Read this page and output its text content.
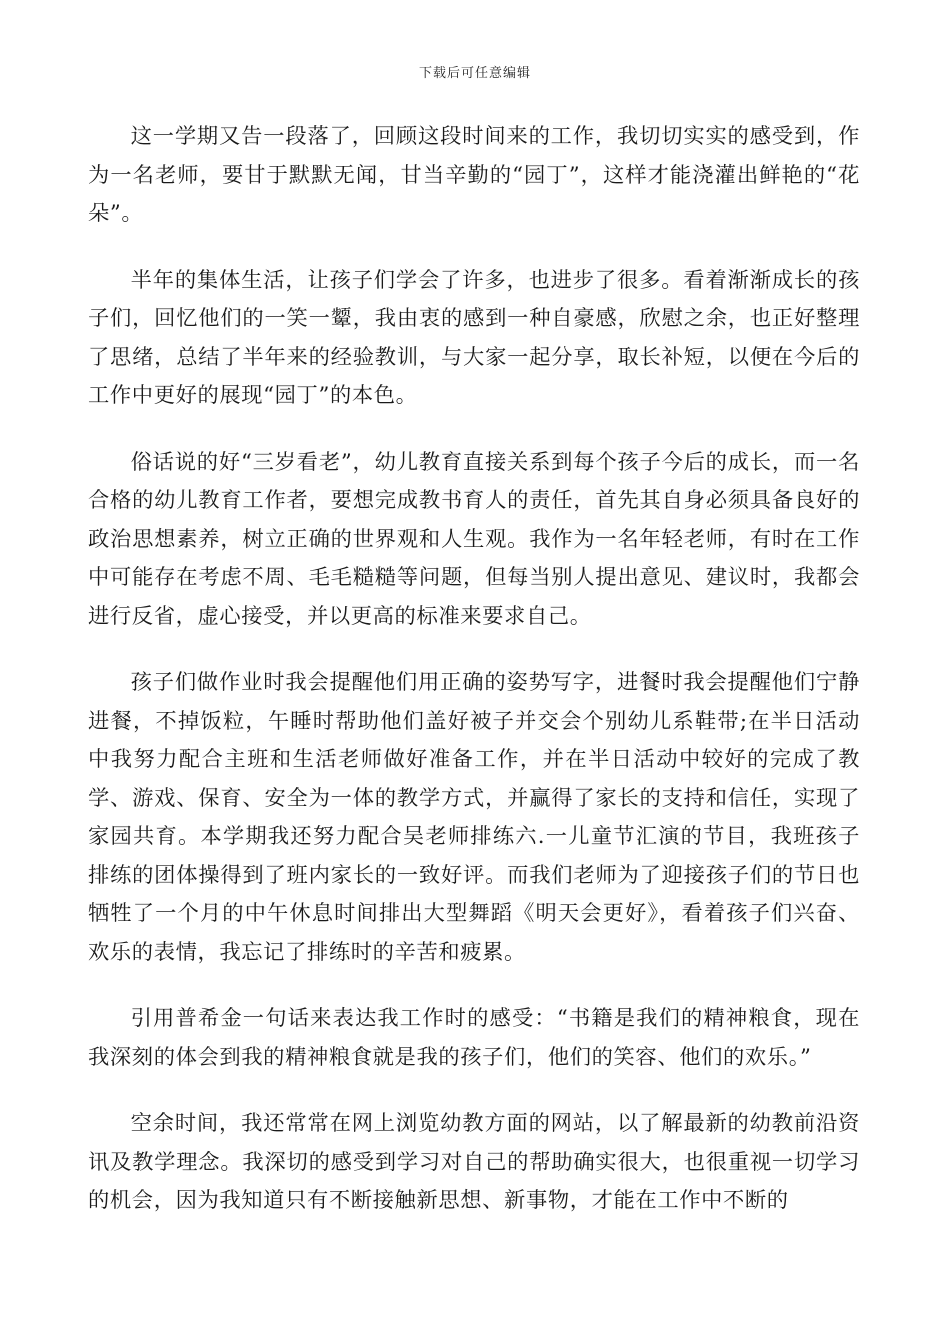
下载后可任意编辑

这一学期又告一段落了，回顾这段时间来的工作，我切切实实的感受到，作为一名老师，要甘于默默无闻，甘当辛勤的“园丁”，这样才能浇灌出鲜艳的“花朵”。

半年的集体生活，让孩子们学会了许多，也进步了很多。看着渐渐成长的孩子们，回忆他们的一笑一颦，我由衷的感到一种自豪感，欣慰之余，也正好整理了思绪，总结了半年来的经验教训，与大家一起分享，取长补短，以便在今后的工作中更好的展现“园丁”的本色。

俗话说的好“三岁看老”，幼儿教育直接关系到每个孩子今后的成长，而一名合格的幼儿教育工作者，要想完成教书育人的责任，首先其自身必须具备良好的政治思想素养，树立正确的世界观和人生观。我作为一名年轻老师，有时在工作中可能存在考虑不周、毛毛糙糙等问题，但每当别人提出意见、建议时，我都会进行反省，虚心接受，并以更高的标准来要求自己。

孩子们做作业时我会提醒他们用正确的姿势写字，进餐时我会提醒他们宁静进餐，不掉饭粒，午睡时帮助他们盖好被子并交会个别幼儿系鞋带;在半日活动中我努力配合主班和生活老师做好准备工作，并在半日活动中较好的完成了教学、游戏、保育、安全为一体的教学方式，并赢得了家长的支持和信任，实现了家园共育。本学期我还努力配合吴老师排练六.一儿童节汇演的节目，我班孩子排练的团体操得到了班内家长的一致好评。而我们老师为了迎接孩子们的节日也牺牲了一个月的中午休息时间排出大型舞蹈《明天会更好》，看着孩子们兴奋、欢乐的表情，我忘记了排练时的辛苦和疲累。

引用普希金一句话来表达我工作时的感受：“书籍是我们的精神粮食，现在我深刻的体会到我的精神粮食就是我的孩子们，他们的笑容、他们的欢乐。”

空余时间，我还常常在网上浏览幼教方面的网站，以了解最新的幼教前沿资讯及教学理念。我深切的感受到学习对自己的帮助确实很大，也很重视一切学习的机会，因为我知道只有不断接触新思想、新事物，才能在工作中不断的
